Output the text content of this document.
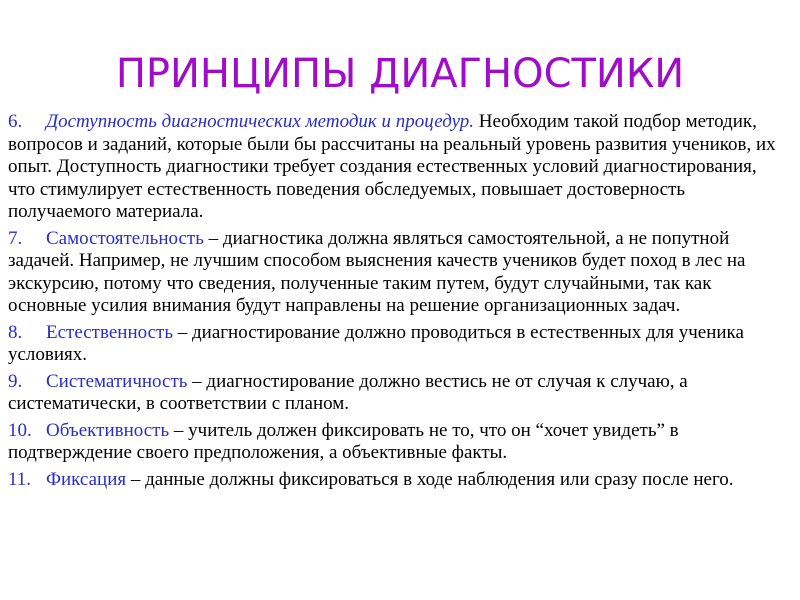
ПРИНЦИПЫ ДИАГНОСТИКИ
6. Доступность диагностических методик и процедур. Необходим такой подбор методик, вопросов и заданий, которые были бы рассчитаны на реальный уровень развития учеников, их опыт. Доступность диагностики требует создания естественных условий диагностирования, что стимулирует естественность поведения обследуемых, повышает достоверность получаемого материала.
7. Самостоятельность – диагностика должна являться самостоятельной, а не попутной задачей. Например, не лучшим способом выяснения качеств учеников будет поход в лес на экскурсию, потому что сведения, полученные таким путем, будут случайными, так как основные усилия внимания будут направлены на решение организационных задач.
8. Естественность – диагностирование должно проводиться в естественных для ученика условиях.
9. Систематичность – диагностирование должно вестись не от случая к случаю, а систематически, в соответствии с планом.
10. Объективность – учитель должен фиксировать не то, что он “хочет увидеть” в подтверждение своего предположения, а объективные факты.
11. Фиксация – данные должны фиксироваться в ходе наблюдения или сразу после него.
